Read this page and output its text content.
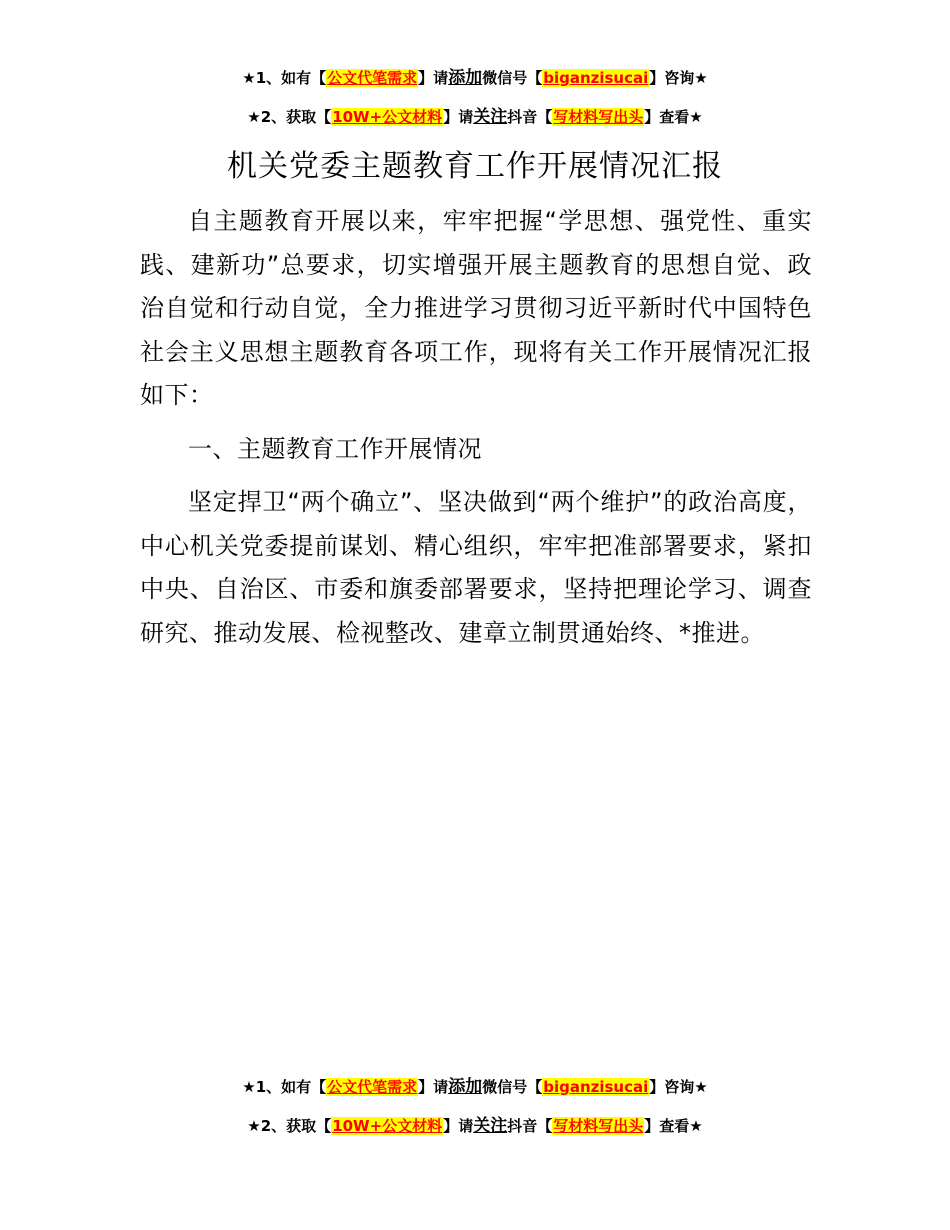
★1、如有【公文代笔需求】请添加微信号【biganzisucai】咨询★
★2、获取【10W+公文材料】请关注抖音【写材料写出头】查看★
机关党委主题教育工作开展情况汇报
自主题教育开展以来，牢牢把握“学思想、强党性、重实践、建新功”总要求，切实增强开展主题教育的思想自觉、政治自觉和行动自觉，全力推进学习贯彻习近平新时代中国特色社会主义思想主题教育各项工作，现将有关工作开展情况汇报如下：
一、主题教育工作开展情况
坚定捍卫“两个确立”、坚决做到“两个维护”的政治高度，中心机关党委提前谋划、精心组织，牢牢把准部署要求，紧扣中央、自治区、市委和旗委部署要求，坚持把理论学习、调查研究、推动发展、检视整改、建章立制贯通始终、*推进。
★1、如有【公文代笔需求】请添加微信号【biganzisucai】咨询★
★2、获取【10W+公文材料】请关注抖音【写材料写出头】查看★
